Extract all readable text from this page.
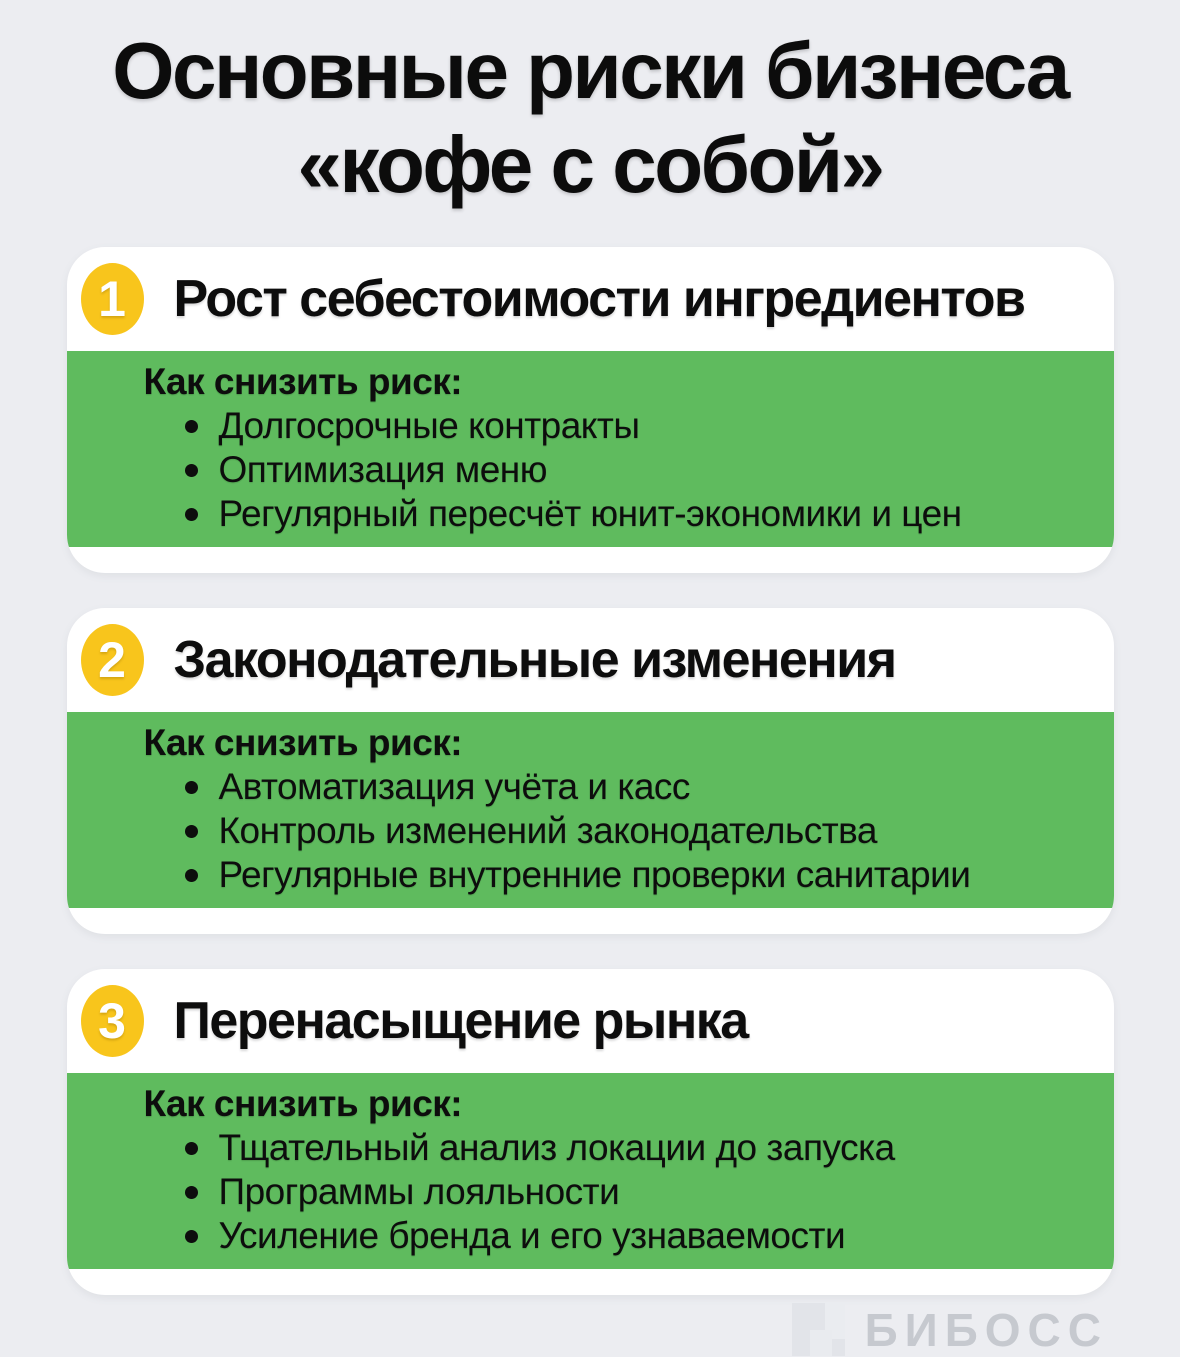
Основные риски бизнеса
«кофе с собой»
1 Рост себестоимости ингредиентов
Как снизить риск:
Долгосрочные контракты
Оптимизация меню
Регулярный пересчёт юнит-экономики и цен
2 Законодательные изменения
Как снизить риск:
Автоматизация учёта и касс
Контроль изменений законодательства
Регулярные внутренние проверки санитарии
3 Перенасыщение рынка
Как снизить риск:
Тщательный анализ локации до запуска
Программы лояльности
Усиление бренда и его узнаваемости
БИБОСС
